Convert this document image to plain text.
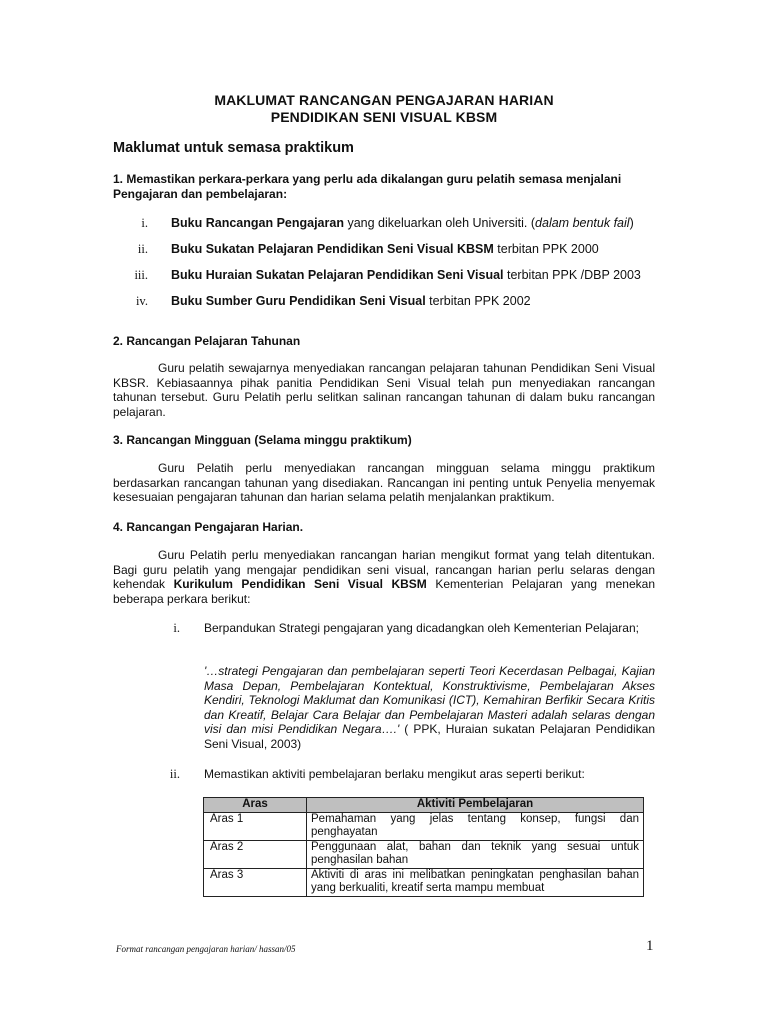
MAKLUMAT RANCANGAN PENGAJARAN HARIAN
PENDIDIKAN SENI VISUAL KBSM
Maklumat untuk semasa praktikum
1. Memastikan perkara-perkara yang perlu ada dikalangan guru pelatih semasa menjalani Pengajaran dan pembelajaran:
i. Buku Rancangan Pengajaran yang dikeluarkan oleh Universiti. (dalam bentuk fail)
ii. Buku Sukatan Pelajaran Pendidikan Seni Visual KBSM terbitan PPK 2000
iii. Buku Huraian Sukatan Pelajaran Pendidikan Seni Visual terbitan PPK /DBP 2003
iv. Buku Sumber Guru Pendidikan Seni Visual terbitan PPK 2002
2. Rancangan Pelajaran Tahunan
Guru pelatih sewajarnya menyediakan rancangan pelajaran tahunan Pendidikan Seni Visual KBSR. Kebiasaannya pihak panitia Pendidikan Seni Visual telah pun menyediakan rancangan tahunan tersebut. Guru Pelatih perlu selitkan salinan rancangan tahunan di dalam buku rancangan pelajaran.
3. Rancangan Mingguan (Selama minggu praktikum)
Guru Pelatih perlu menyediakan rancangan mingguan selama minggu praktikum berdasarkan rancangan tahunan yang disediakan. Rancangan ini penting untuk Penyelia menyemak kesesuaian pengajaran tahunan dan harian selama pelatih menjalankan praktikum.
4. Rancangan Pengajaran Harian.
Guru Pelatih perlu menyediakan rancangan harian mengikut format yang telah ditentukan. Bagi guru pelatih yang mengajar pendidikan seni visual, rancangan harian perlu selaras dengan kehendak Kurikulum Pendidikan Seni Visual KBSM Kementerian Pelajaran yang menekan beberapa perkara berikut:
i. Berpandukan Strategi pengajaran yang dicadangkan oleh Kementerian Pelajaran;
'…strategi Pengajaran dan pembelajaran seperti Teori Kecerdasan Pelbagai, Kajian Masa Depan, Pembelajaran Kontektual, Konstruktivisme, Pembelajaran Akses Kendiri, Teknologi Maklumat dan Komunikasi (ICT), Kemahiran Berfikir Secara Kritis dan Kreatif, Belajar Cara Belajar dan Pembelajaran Masteri adalah selaras dengan visi dan misi Pendidikan Negara….' ( PPK, Huraian sukatan Pelajaran Pendidikan Seni Visual, 2003)
ii. Memastikan aktiviti pembelajaran berlaku mengikut aras seperti berikut:
Aras	Aktiviti Pembelajaran
Aras 1	Pemahaman yang jelas tentang konsep, fungsi dan penghayatan
Aras 2	Penggunaan alat, bahan dan teknik yang sesuai untuk penghasilan bahan
Aras 3	Aktiviti di aras ini melibatkan peningkatan penghasilan bahan yang berkualiti, kreatif serta mampu membuat
Format rancangan pengajaran harian/ hassan/05	1
